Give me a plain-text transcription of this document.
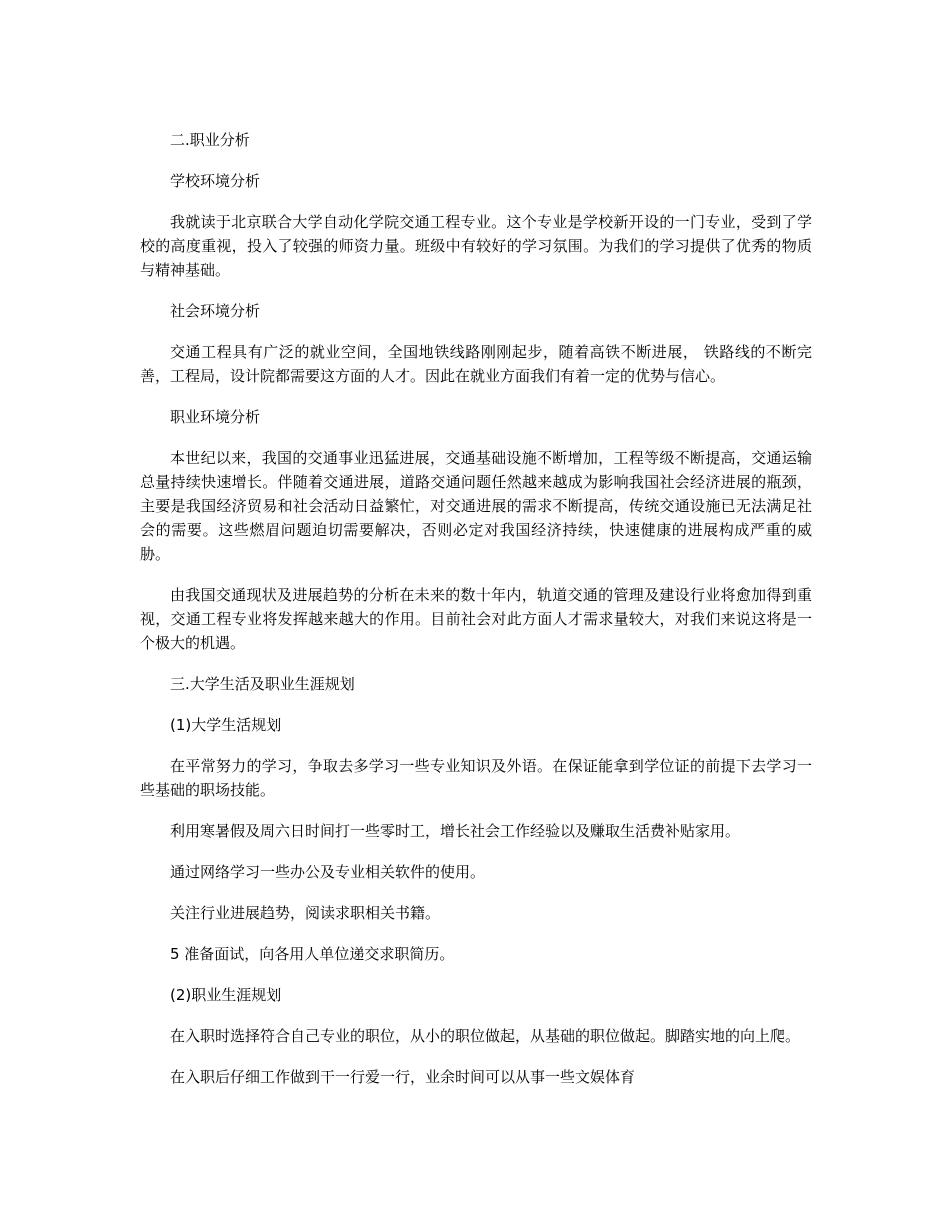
二.职业分析

学校环境分析

我就读于北京联合大学自动化学院交通工程专业。这个专业是学校新开设的一门专业，受到了学校的高度重视，投入了较强的师资力量。班级中有较好的学习氛围。为我们的学习提供了优秀的物质与精神基础。

社会环境分析

交通工程具有广泛的就业空间，全国地铁线路刚刚起步，随着高铁不断进展， 铁路线的不断完善，工程局，设计院都需要这方面的人才。因此在就业方面我们有着一定的优势与信心。

职业环境分析

本世纪以来，我国的交通事业迅猛进展，交通基础设施不断增加，工程等级不断提高，交通运输总量持续快速增长。伴随着交通进展，道路交通问题任然越来越成为影响我国社会经济进展的瓶颈，主要是我国经济贸易和社会活动日益繁忙，对交通进展的需求不断提高，传统交通设施已无法满足社会的需要。这些燃眉问题迫切需要解决，否则必定对我国经济持续，快速健康的进展构成严重的威胁。

由我国交通现状及进展趋势的分析在未来的数十年内，轨道交通的管理及建设行业将愈加得到重视，交通工程专业将发挥越来越大的作用。目前社会对此方面人才需求量较大，对我们来说这将是一个极大的机遇。

三.大学生活及职业生涯规划

(1)大学生活规划

在平常努力的学习，争取去多学习一些专业知识及外语。在保证能拿到学位证的前提下去学习一些基础的职场技能。

利用寒暑假及周六日时间打一些零时工，增长社会工作经验以及赚取生活费补贴家用。

通过网络学习一些办公及专业相关软件的使用。

关注行业进展趋势，阅读求职相关书籍。

5 准备面试，向各用人单位递交求职简历。

(2)职业生涯规划

在入职时选择符合自己专业的职位，从小的职位做起，从基础的职位做起。脚踏实地的向上爬。

在入职后仔细工作做到干一行爱一行，业余时间可以从事一些文娱体育
